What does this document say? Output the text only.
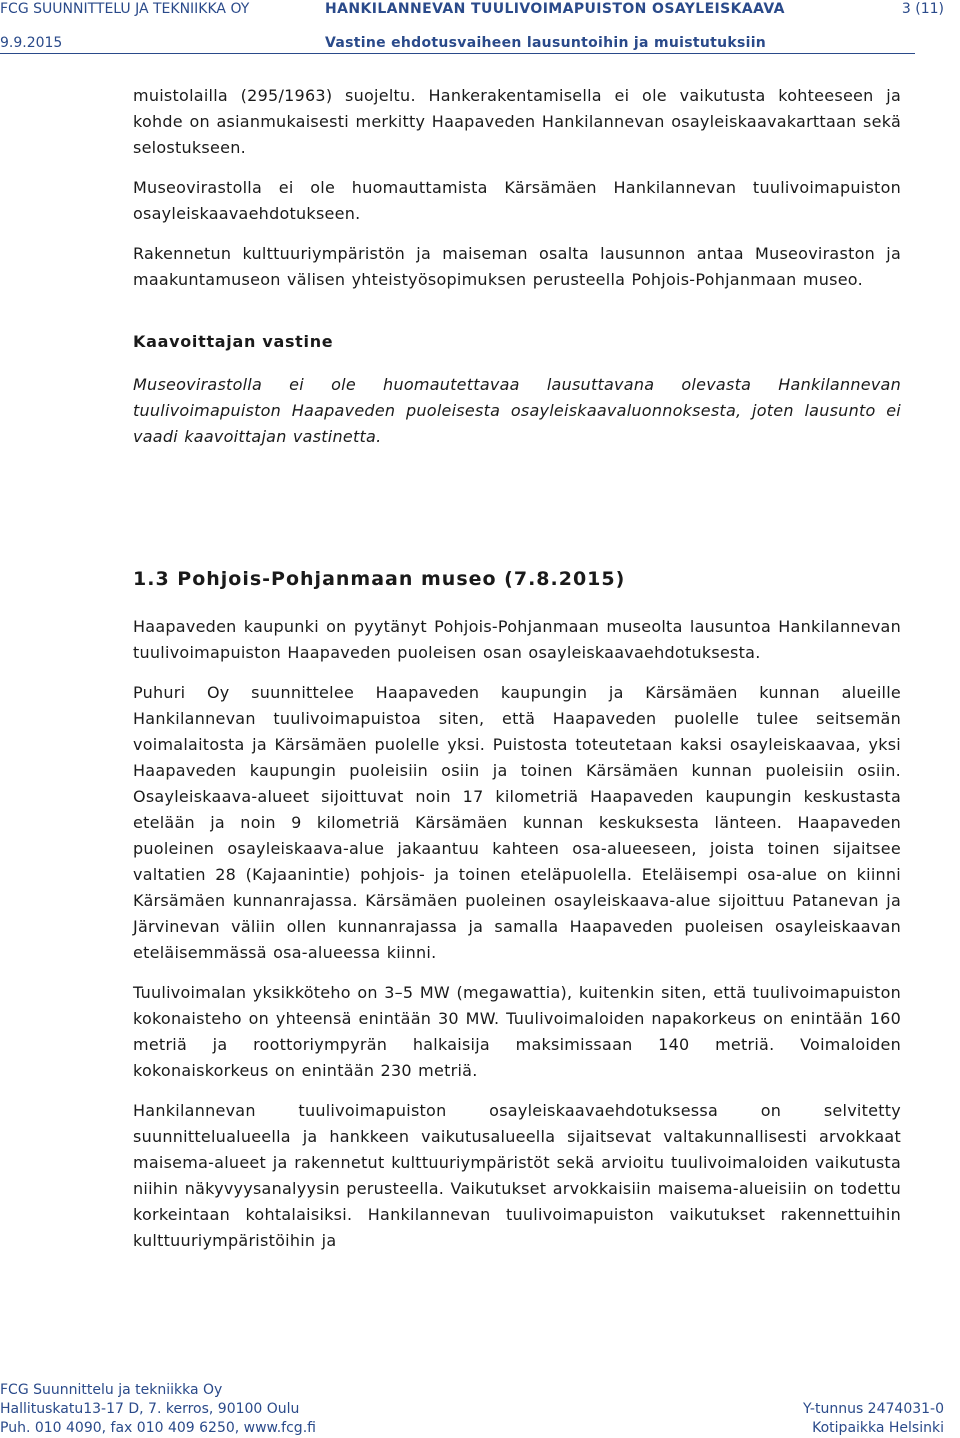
FCG SUUNNITTELU JA TEKNIIKKA OY	HANKILANNEVAN TUULIVOIMAPUISTON OSAYLEISKAAVA	3 (11)
9.9.2015	Vastine ehdotusvaiheen lausuntoihin ja muistutuksiin

muistolailla (295/1963) suojeltu. Hankerakentamisella ei ole vaikutusta kohteeseen ja kohde on asianmukaisesti merkitty Haapaveden Hankilannevan osayleiskaavakarttaan sekä selostukseen.

Museovirastolla ei ole huomauttamista Kärsämäen Hankilannevan tuulivoimapuiston osayleiskaavaehdotukseen.

Rakennetun kulttuuriympäristön ja maiseman osalta lausunnon antaa Museoviraston ja maakuntamuseon välisen yhteistyösopimuksen perusteella Pohjois-Pohjanmaan museo.

Kaavoittajan vastine

Museovirastolla ei ole huomautettavaa lausuttavana olevasta Hankilannevan tuulivoimapuiston Haapaveden puoleisesta osayleiskaavaluonnoksesta, joten lausunto ei vaadi kaavoittajan vastinetta.

1.3 Pohjois-Pohjanmaan museo (7.8.2015)

Haapaveden kaupunki on pyytänyt Pohjois-Pohjanmaan museolta lausuntoa Hankilannevan tuulivoimapuiston Haapaveden puoleisen osan osayleiskaavaehdotuksesta.

Puhuri Oy suunnittelee Haapaveden kaupungin ja Kärsämäen kunnan alueille Hankilannevan tuulivoimapuistoa siten, että Haapaveden puolelle tulee seitsemän voimalaitosta ja Kärsämäen puolelle yksi. Puistosta toteutetaan kaksi osayleiskaavaa, yksi Haapaveden kaupungin puoleisiin osiin ja toinen Kärsämäen kunnan puoleisiin osiin. Osayleiskaava-alueet sijoittuvat noin 17 kilometriä Haapaveden kaupungin keskustasta etelään ja noin 9 kilometriä Kärsämäen kunnan keskuksesta länteen. Haapaveden puoleinen osayleiskaava-alue jakaantuu kahteen osa-alueeseen, joista toinen sijaitsee valtatien 28 (Kajaanintie) pohjois- ja toinen eteläpuolella. Eteläisempi osa-alue on kiinni Kärsämäen kunnanrajassa. Kärsämäen puoleinen osayleiskaava-alue sijoittuu Patanevan ja Järvinevan väliin ollen kunnanrajassa ja samalla Haapaveden puoleisen osayleiskaavan eteläisemmässä osa-alueessa kiinni.

Tuulivoimalan yksikköteho on 3–5 MW (megawattia), kuitenkin siten, että tuulivoimapuiston kokonaisteho on yhteensä enintään 30 MW. Tuulivoimaloiden napakorkeus on enintään 160 metriä ja roottoriympyrän halkaisija maksimissaan 140 metriä. Voimaloiden kokonaiskorkeus on enintään 230 metriä.

Hankilannevan tuulivoimapuiston osayleiskaavaehdotuksessa on selvitetty suunnittelualueella ja hankkeen vaikutusalueella sijaitsevat valtakunnallisesti arvokkaat maisema-alueet ja rakennetut kulttuuriympäristöt sekä arvioitu tuulivoimaloiden vaikutusta niihin näkyvyysanalyysin perusteella. Vaikutukset arvokkaisiin maisema-alueisiin on todettu korkeintaan kohtalaisiksi. Hankilannevan tuulivoimapuiston vaikutukset rakennettuihin kulttuuriympäristöihin ja

FCG Suunnittelu ja tekniikka Oy
Hallituskatu13-17 D, 7. kerros, 90100 Oulu
Puh. 010 4090, fax 010 409 6250, www.fcg.fi
Y-tunnus 2474031-0
Kotipaikka Helsinki
